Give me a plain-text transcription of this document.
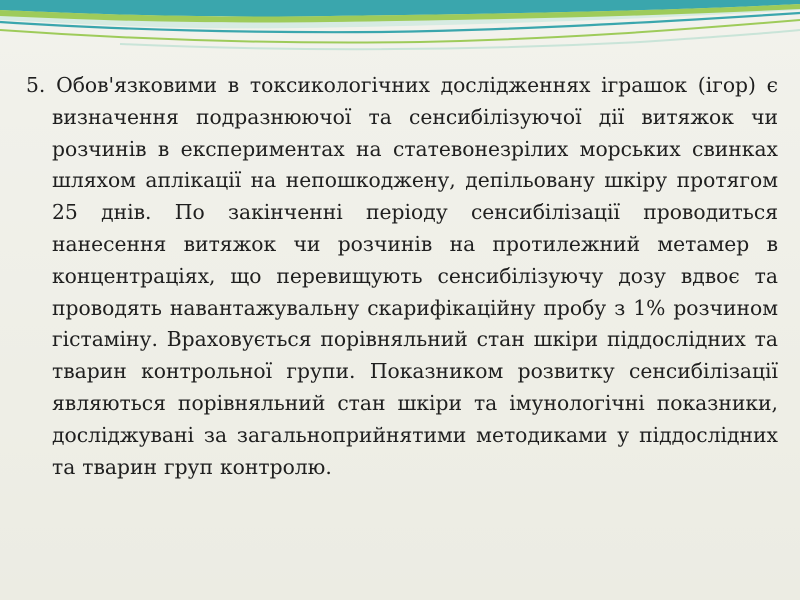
5. Обов'язковими в токсикологічних дослідженнях іграшок (ігор) є визначення подразнюючої та сенсибілізуючої дії витяжок чи розчинів в експериментах на статевонезрілих морських свинках шляхом аплікації на непошкоджену, депільовану шкіру протягом 25 днів. По закінченні періоду сенсибілізації проводиться нанесення витяжок чи розчинів на протилежний метамер в концентраціях, що перевищують сенсибілізуючу дозу вдвоє та проводять навантажувальну скарифікаційну пробу з 1% розчином гістаміну. Враховується порівняльний стан шкіри піддослідних та тварин контрольної групи. Показником розвитку сенсибілізації являються порівняльний стан шкіри та імунологічні показники, досліджувані за загальноприйнятими методиками у піддослідних та тварин груп контролю.
